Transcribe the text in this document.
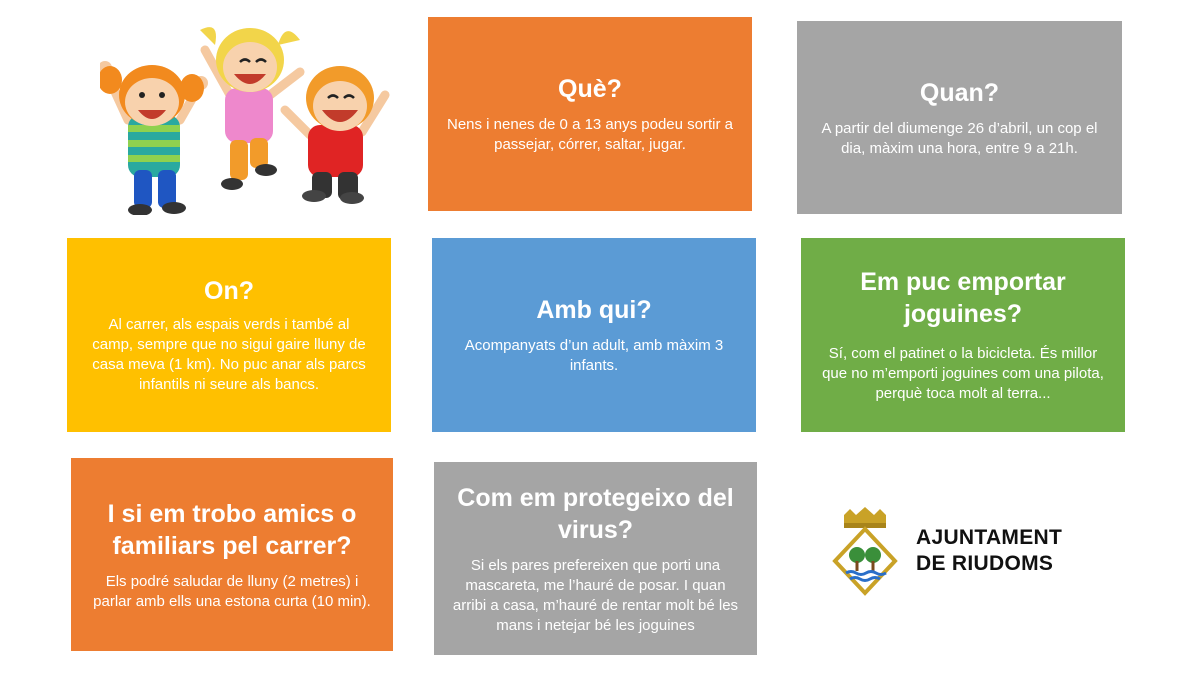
Què?
Nens i nenes de 0 a 13 anys podeu sortir a passejar, córrer, saltar, jugar.
Quan?
A partir del diumenge 26 d’abril, un cop el dia, màxim una hora, entre 9 a 21h.
On?
Al carrer, als espais verds i també al camp, sempre que no sigui gaire lluny de casa meva (1 km). No puc anar als parcs infantils ni seure als bancs.
Amb qui?
Acompanyats d’un adult, amb màxim 3 infants.
Em puc emportar joguines?
Sí, com el patinet o la bicicleta. És millor que no m’emporti joguines com una pilota, perquè toca molt al terra...
I si em trobo amics o familiars pel carrer?
Els podré saludar de lluny (2 metres) i parlar amb ells una estona curta (10 min).
Com em protegeixo del virus?
Si els pares prefereixen que porti una mascareta, me l’hauré de posar. I quan arribi a casa, m’hauré de rentar molt bé les mans i netejar bé les joguines
AJUNTAMENT
DE RIUDOMS
